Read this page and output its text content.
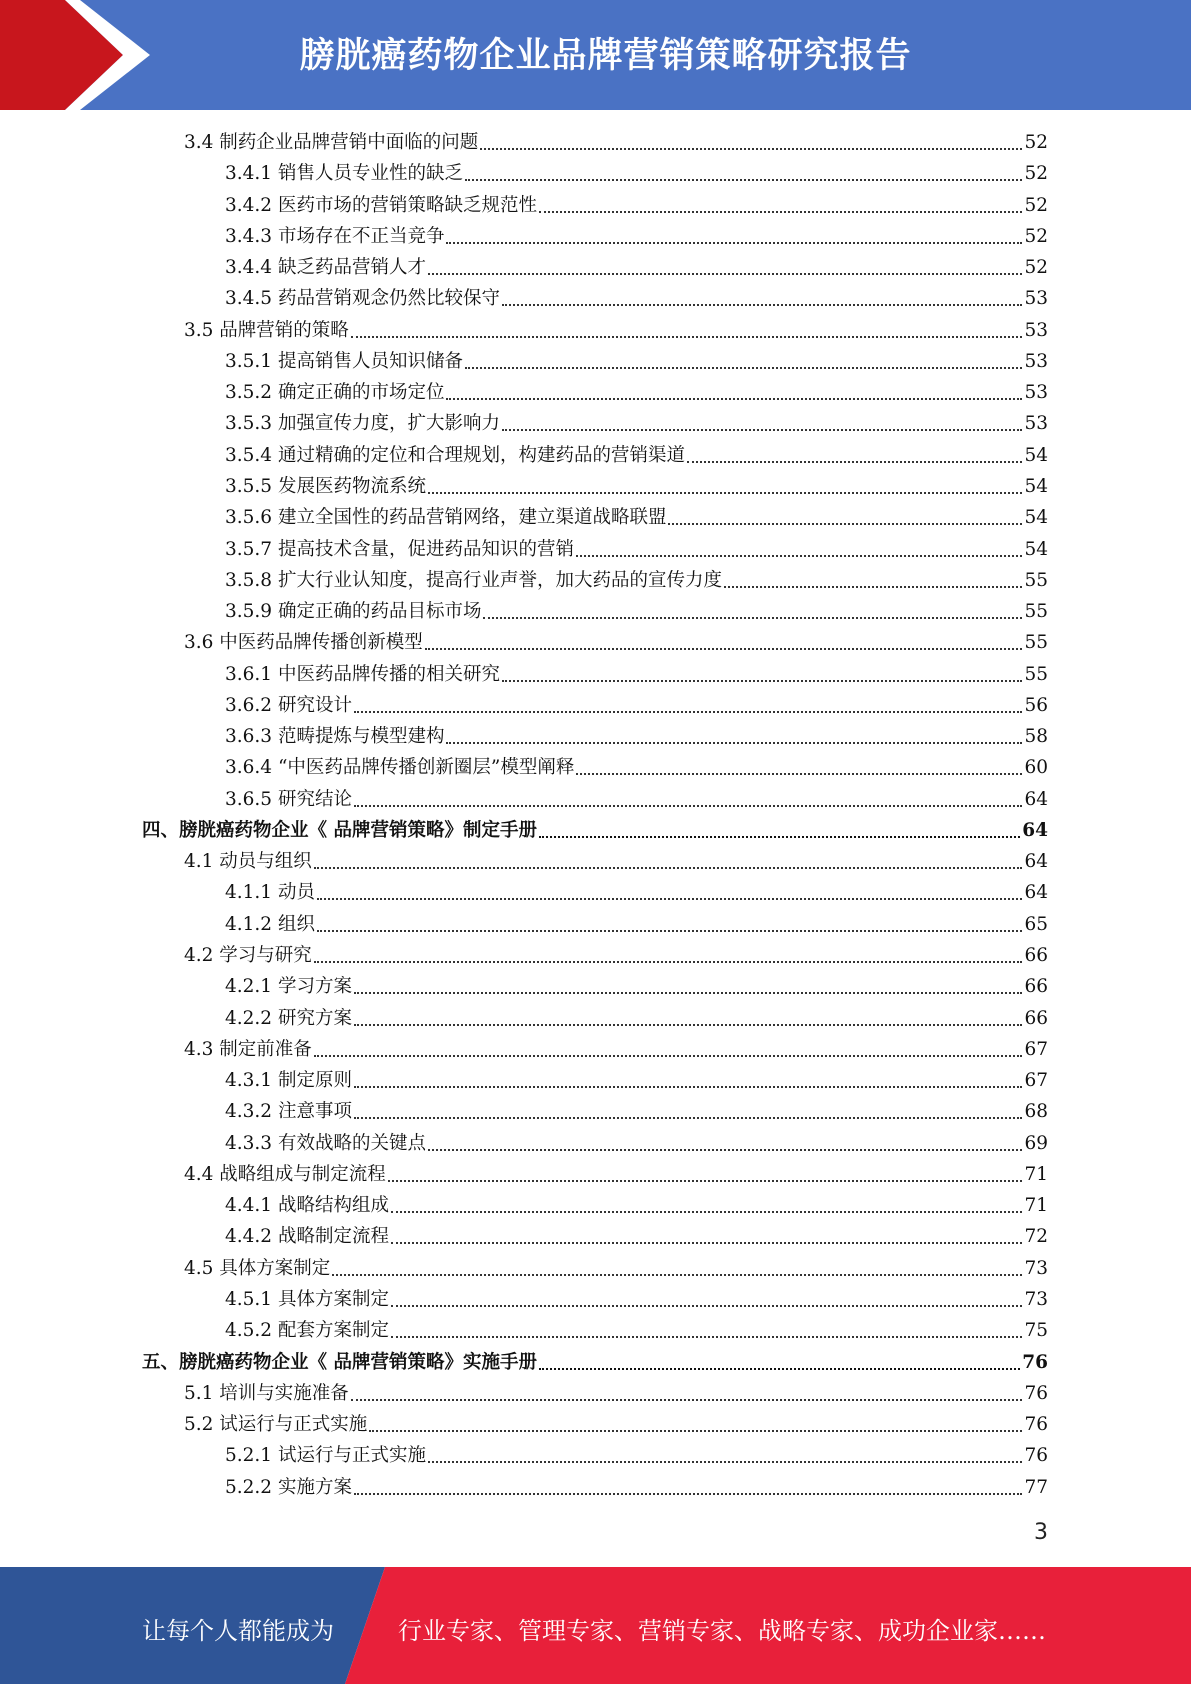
膀胱癌药物企业品牌营销策略研究报告
3.4 制药企业品牌营销中面临的问题	52
3.4.1 销售人员专业性的缺乏	52
3.4.2 医药市场的营销策略缺乏规范性	52
3.4.3 市场存在不正当竞争	52
3.4.4 缺乏药品营销人才	52
3.4.5 药品营销观念仍然比较保守	53
3.5 品牌营销的策略	53
3.5.1 提高销售人员知识储备	53
3.5.2 确定正确的市场定位	53
3.5.3 加强宣传力度，扩大影响力	53
3.5.4 通过精确的定位和合理规划，构建药品的营销渠道	54
3.5.5 发展医药物流系统	54
3.5.6 建立全国性的药品营销网络，建立渠道战略联盟	54
3.5.7 提高技术含量，促进药品知识的营销	54
3.5.8 扩大行业认知度，提高行业声誉，加大药品的宣传力度	55
3.5.9 确定正确的药品目标市场	55
3.6 中医药品牌传播创新模型	55
3.6.1 中医药品牌传播的相关研究	55
3.6.2 研究设计	56
3.6.3 范畴提炼与模型建构	58
3.6.4 “中医药品牌传播创新圈层”模型阐释	60
3.6.5 研究结论	64
四、膀胱癌药物企业《 品牌营销策略》制定手册	64
4.1 动员与组织	64
4.1.1 动员	64
4.1.2 组织	65
4.2 学习与研究	66
4.2.1 学习方案	66
4.2.2 研究方案	66
4.3 制定前准备	67
4.3.1 制定原则	67
4.3.2 注意事项	68
4.3.3 有效战略的关键点	69
4.4 战略组成与制定流程	71
4.4.1 战略结构组成	71
4.4.2 战略制定流程	72
4.5 具体方案制定	73
4.5.1 具体方案制定	73
4.5.2 配套方案制定	75
五、膀胱癌药物企业《 品牌营销策略》实施手册	76
5.1 培训与实施准备	76
5.2 试运行与正式实施	76
5.2.1 试运行与正式实施	76
5.2.2 实施方案	77
3
让每个人都能成为	行业专家、管理专家、营销专家、战略专家、成功企业家……
